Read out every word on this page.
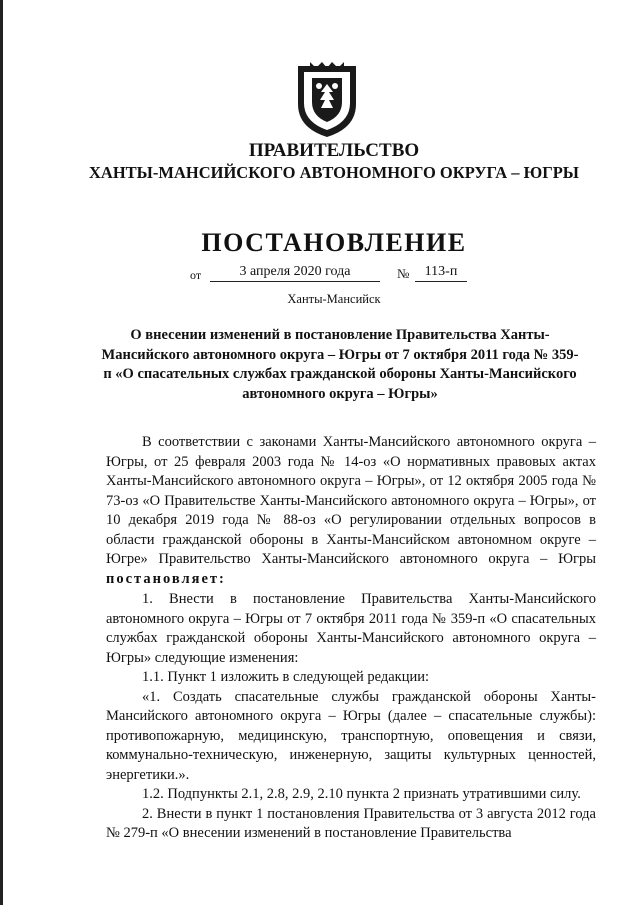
ПРАВИТЕЛЬСТВО
ХАНТЫ-МАНСИЙСКОГО АВТОНОМНОГО ОКРУГА – ЮГРЫ
ПОСТАНОВЛЕНИЕ
от	3 апреля 2020 года	№	113-п
Ханты-Мансийск
О внесении изменений в постановление Правительства Ханты-Мансийского автономного округа – Югры от 7 октября 2011 года № 359-п «О спасательных службах гражданской обороны Ханты-Мансийского автономного округа – Югры»

В соответствии с законами Ханты-Мансийского автономного округа – Югры, от 25 февраля 2003 года № 14-оз «О нормативных правовых актах Ханты-Мансийского автономного округа – Югры», от 12 октября 2005 года № 73-оз «О Правительстве Ханты-Мансийского автономного округа – Югры», от 10 декабря 2019 года № 88-оз «О регулировании отдельных вопросов в области гражданской обороны в Ханты-Мансийском автономном округе – Югре» Правительство Ханты-Мансийского автономного округа – Югры постановляет:

1. Внести в постановление Правительства Ханты-Мансийского автономного округа – Югры от 7 октября 2011 года № 359-п «О спасательных службах гражданской обороны Ханты-Мансийского автономного округа – Югры» следующие изменения:

1.1. Пункт 1 изложить в следующей редакции:

«1. Создать спасательные службы гражданской обороны Ханты-Мансийского автономного округа – Югры (далее – спасательные службы): противопожарную, медицинскую, транспортную, оповещения и связи, коммунально-техническую, инженерную, защиты культурных ценностей, энергетики.».

1.2. Подпункты 2.1, 2.8, 2.9, 2.10 пункта 2 признать утратившими силу.

2. Внести в пункт 1 постановления Правительства от 3 августа 2012 года № 279-п «О внесении изменений в постановление Правительства
